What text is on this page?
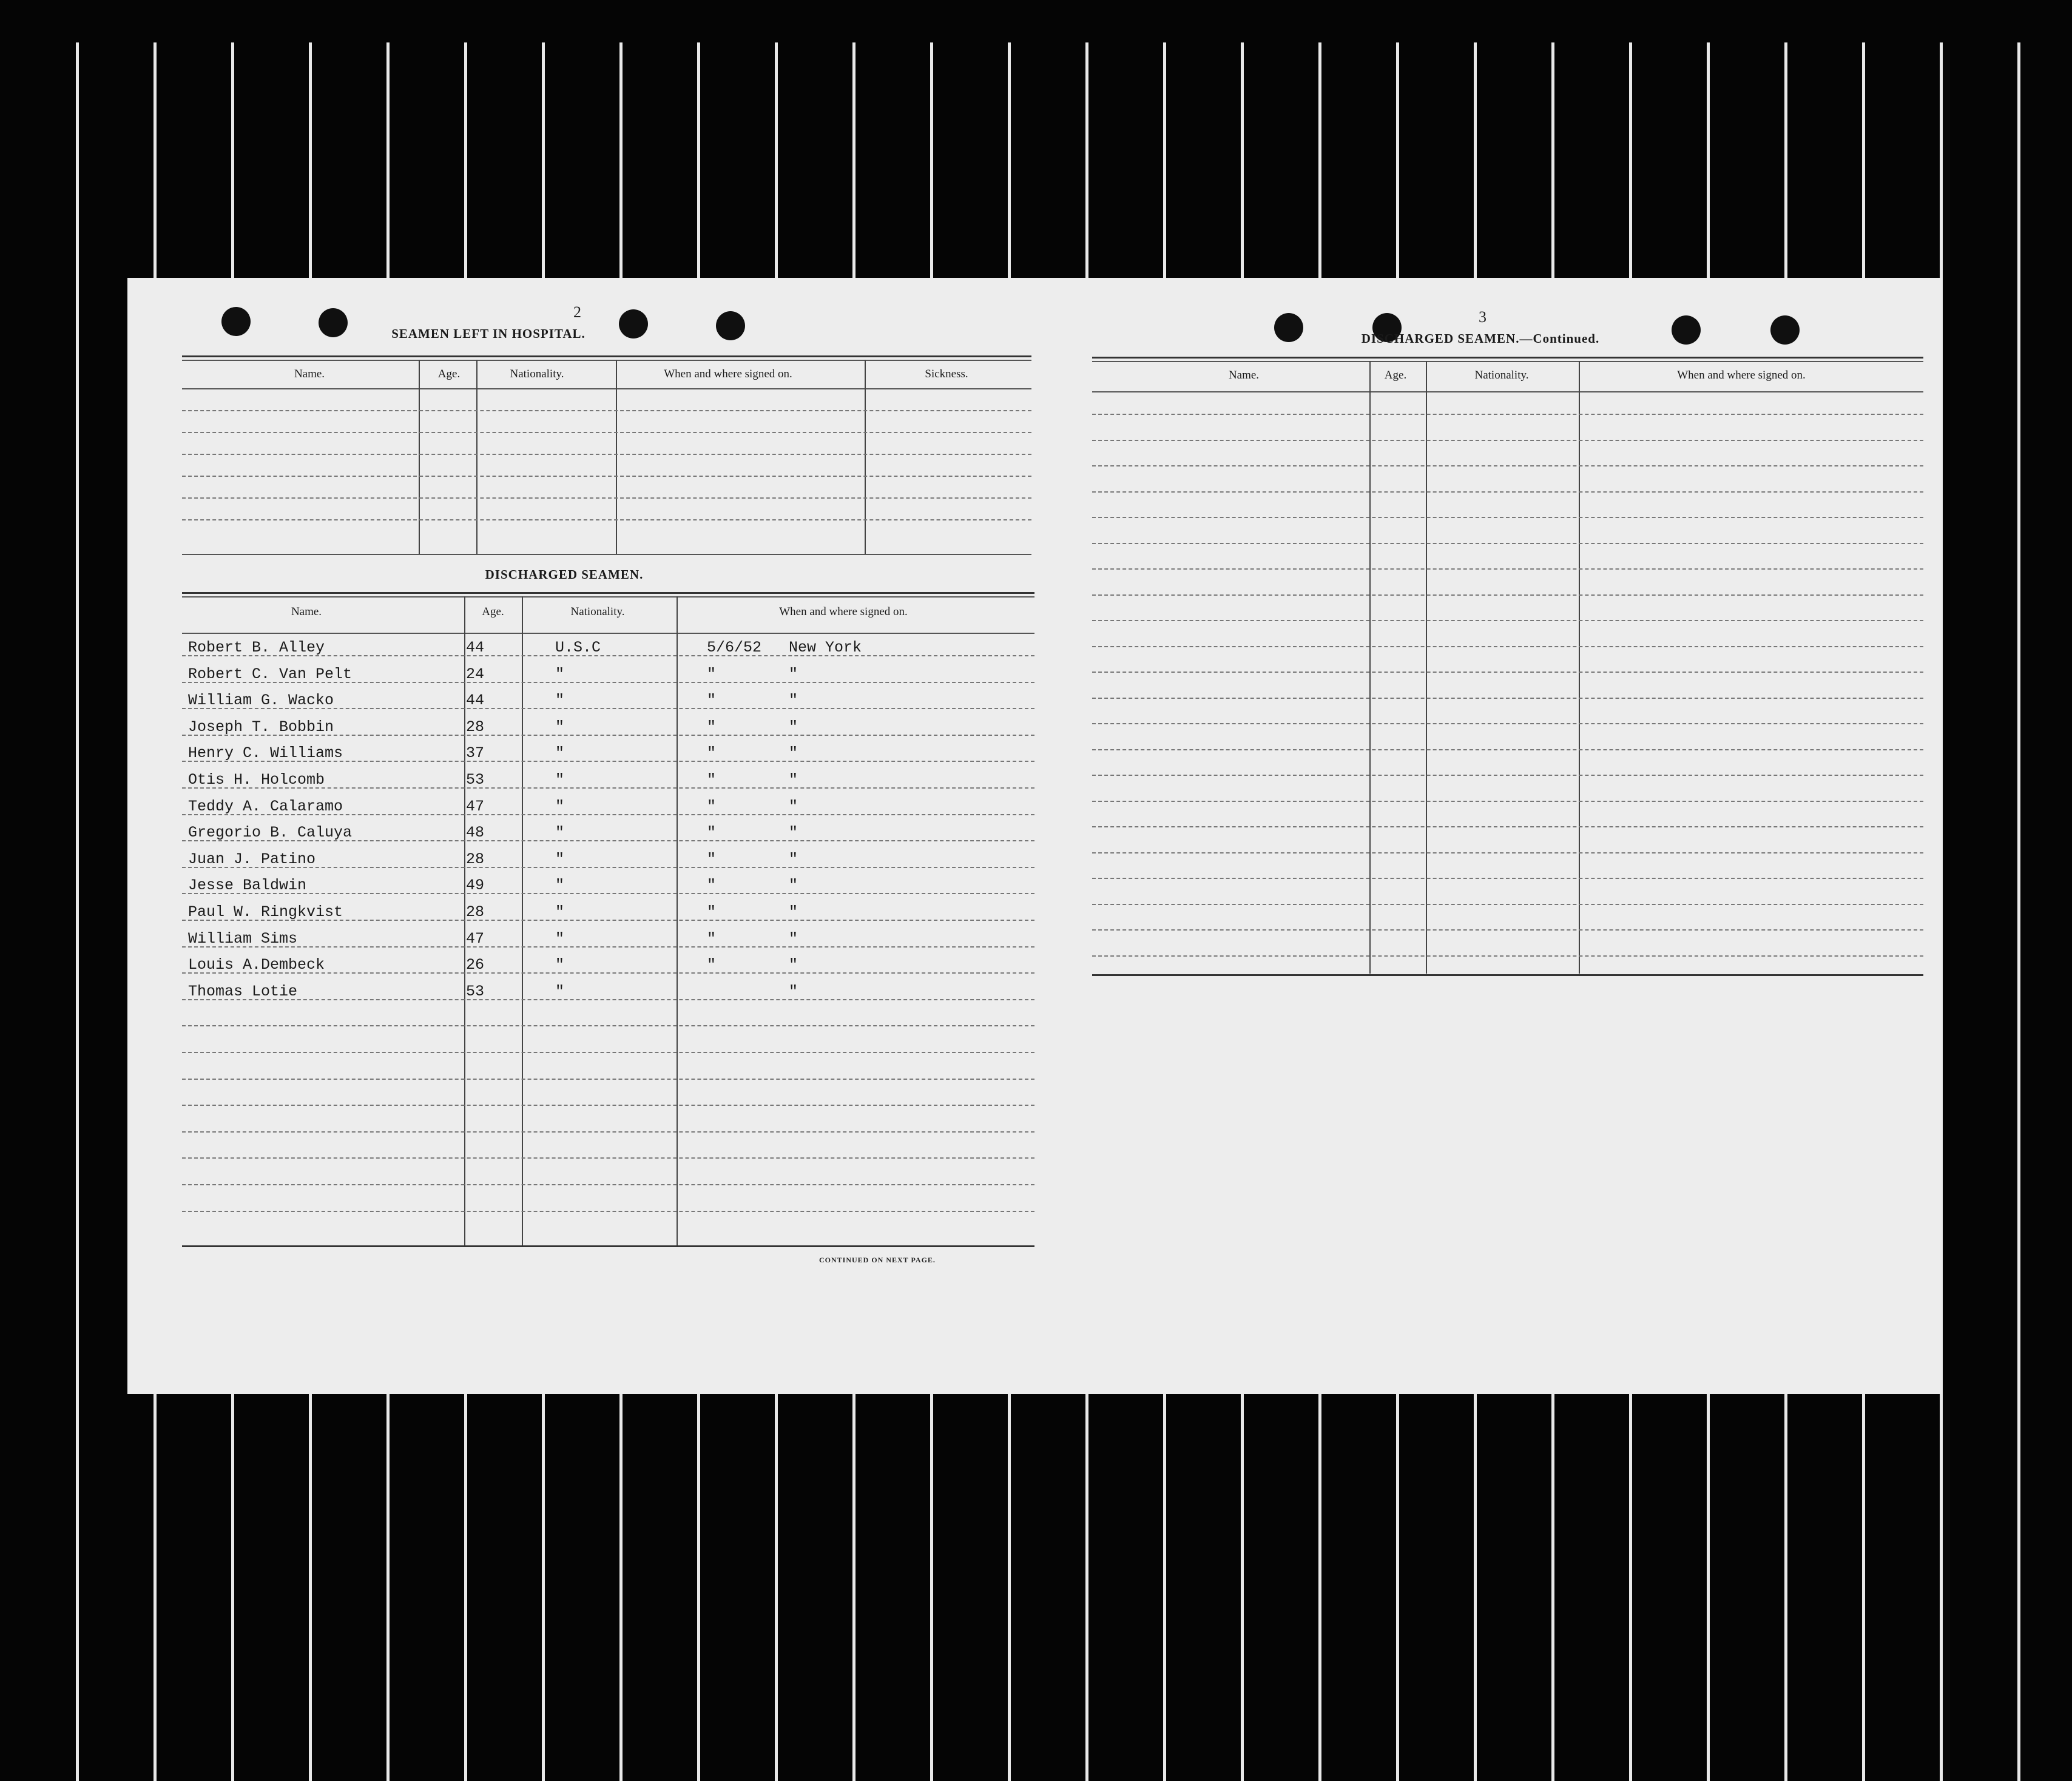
2
SEAMEN LEFT IN HOSPITAL.
Name.	Age.	Nationality.	When and where signed on.	Sickness.
DISCHARGED SEAMEN.
Name.	Age.	Nationality.	When and where signed on.
Robert B. Alley	44	U.S.C	5/6/52 New York
Robert C. Van Pelt	24	"	"	"
William G. Wacko	44	"	"	"
Joseph T. Bobbin	28	"	"	"
Henry C. Williams	37	"	"	"
Otis H. Holcomb	53	"	"	"
Teddy A. Calaramo	47	"	"	"
Gregorio B. Caluya	48	"	"	"
Juan J. Patino	28	"	"	"
Jesse Baldwin	49	"	"	"
Paul W. Ringkvist	28	"	"	"
William Sims	47	"	"	"
Louis A.Dembeck	26	"	"	"
Thomas Lotie	53	"	"
CONTINUED ON NEXT PAGE.
3
DISCHARGED SEAMEN.—Continued.
Name.	Age.	Nationality.	When and where signed on.
